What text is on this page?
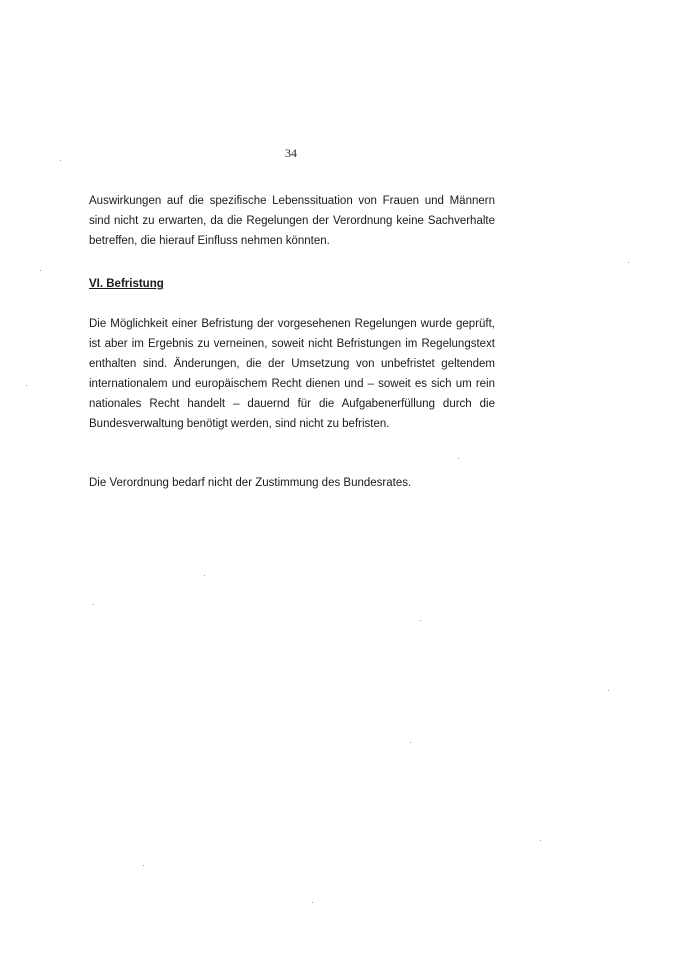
34

Auswirkungen auf die spezifische Lebenssituation von Frauen und Männern sind nicht zu erwarten, da die Regelungen der Verordnung keine Sachverhalte betreffen, die hierauf Einfluss nehmen könnten.

VI. Befristung

Die Möglichkeit einer Befristung der vorgesehenen Regelungen wurde geprüft, ist aber im Ergebnis zu verneinen, soweit nicht Befristungen im Regelungstext enthalten sind. Änderungen, die der Umsetzung von unbefristet geltendem internationalem und europäischem Recht dienen und – soweit es sich um rein nationales Recht handelt – dauernd für die Aufgabenerfüllung durch die Bundesverwaltung benötigt werden, sind nicht zu befristen.

Die Verordnung bedarf nicht der Zustimmung des Bundesrates.
